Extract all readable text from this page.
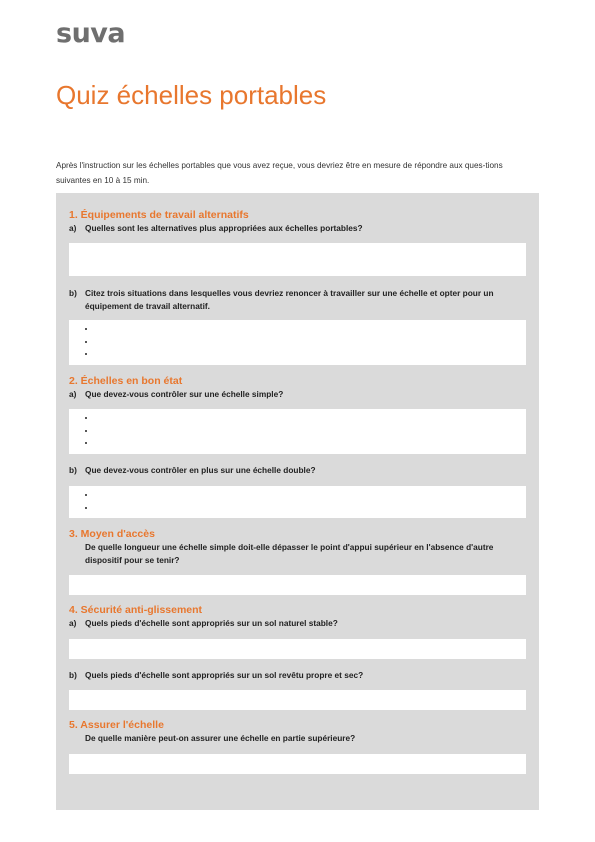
suva
Quiz échelles portables
Après l'instruction sur les échelles portables que vous avez reçue, vous devriez être en mesure de répondre aux ques-tions suivantes en 10 à 15 min.
1. Équipements de travail alternatifs
a)	Quelles sont les alternatives plus appropriées aux échelles portables?
b) Citez trois situations dans lesquelles vous devriez renoncer à travailler sur une échelle et opter pour un équipement de travail alternatif.
•
•
•
2. Échelles en bon état
a)	Que devez-vous contrôler sur une échelle simple?
•
•
•
b) Que devez-vous contrôler en plus sur une échelle double?
•
•
3. Moyen d'accès
De quelle longueur une échelle simple doit-elle dépasser le point d'appui supérieur en l'absence d'autre dispositif pour se tenir?
4. Sécurité anti-glissement
a)	Quels pieds d'échelle sont appropriés sur un sol naturel stable?
b) Quels pieds d'échelle sont appropriés sur un sol revêtu propre et sec?
5. Assurer l'échelle
De quelle manière peut-on assurer une échelle en partie supérieure?
